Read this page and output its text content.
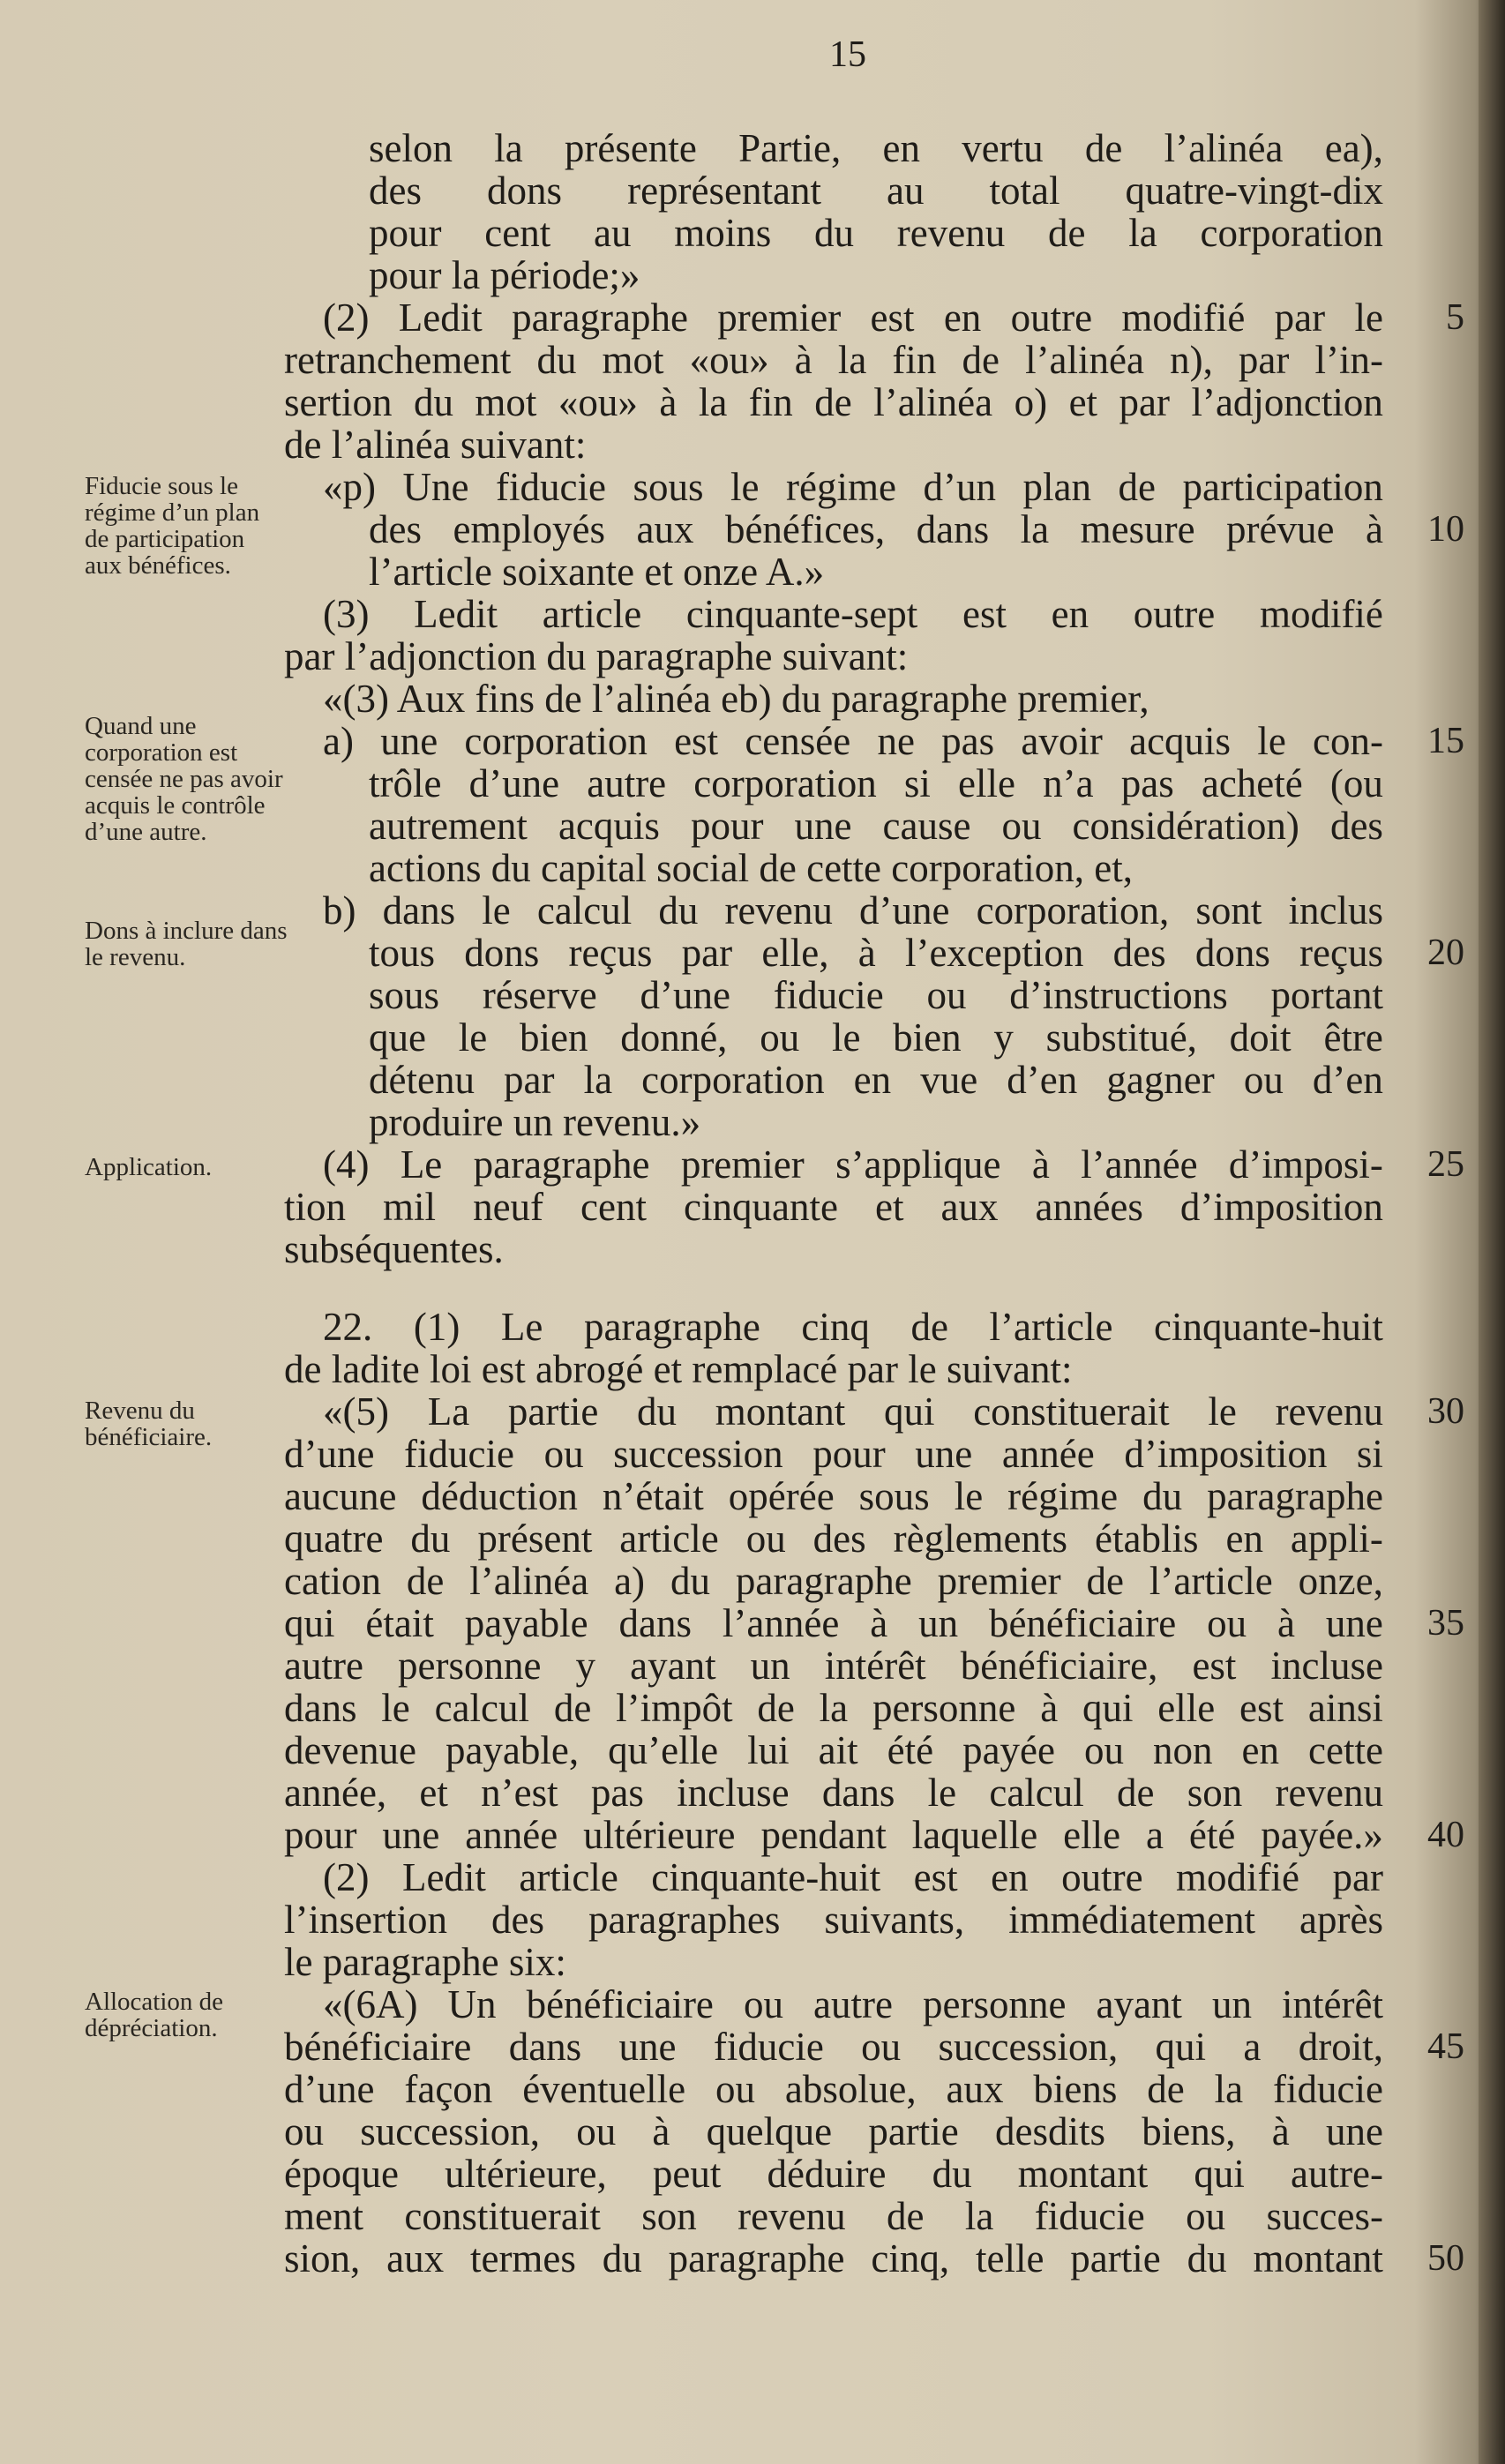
15
Fiducie sous le régime d’un plan de participation aux bénéfices.
Quand une corporation est censée ne pas avoir acquis le contrôle d’une autre.
Dons à inclure dans le revenu.
Application.
Revenu du bénéficiaire.
Allocation de dépréciation.
selon la présente Partie, en vertu de l’alinéa ea),
des dons représentant au total quatre-vingt-dix
pour cent au moins du revenu de la corporation
pour la période;»
(2) Ledit paragraphe premier est en outre modifié par le
retranchement du mot «ou» à la fin de l’alinéa n), par l’in-
sertion du mot «ou» à la fin de l’alinéa o) et par l’adjonction
de l’alinéa suivant:
«p) Une fiducie sous le régime d’un plan de participation
des employés aux bénéfices, dans la mesure prévue à
l’article soixante et onze A.»
(3) Ledit article cinquante-sept est en outre modifié
par l’adjonction du paragraphe suivant:
«(3) Aux fins de l’alinéa eb) du paragraphe premier,
a) une corporation est censée ne pas avoir acquis le con-
trôle d’une autre corporation si elle n’a pas acheté (ou
autrement acquis pour une cause ou considération) des
actions du capital social de cette corporation, et,
b) dans le calcul du revenu d’une corporation, sont inclus
tous dons reçus par elle, à l’exception des dons reçus
sous réserve d’une fiducie ou d’instructions portant
que le bien donné, ou le bien y substitué, doit être
détenu par la corporation en vue d’en gagner ou d’en
produire un revenu.»
(4) Le paragraphe premier s’applique à l’année d’imposi-
tion mil neuf cent cinquante et aux années d’imposition
subséquentes.
22. (1) Le paragraphe cinq de l’article cinquante-huit
de ladite loi est abrogé et remplacé par le suivant:
«(5) La partie du montant qui constituerait le revenu
d’une fiducie ou succession pour une année d’imposition si
aucune déduction n’était opérée sous le régime du paragraphe
quatre du présent article ou des règlements établis en appli-
cation de l’alinéa a) du paragraphe premier de l’article onze,
qui était payable dans l’année à un bénéficiaire ou à une
autre personne y ayant un intérêt bénéficiaire, est incluse
dans le calcul de l’impôt de la personne à qui elle est ainsi
devenue payable, qu’elle lui ait été payée ou non en cette
année, et n’est pas incluse dans le calcul de son revenu
pour une année ultérieure pendant laquelle elle a été payée.»
(2) Ledit article cinquante-huit est en outre modifié par
l’insertion des paragraphes suivants, immédiatement après
le paragraphe six:
«(6A) Un bénéficiaire ou autre personne ayant un intérêt
bénéficiaire dans une fiducie ou succession, qui a droit,
d’une façon éventuelle ou absolue, aux biens de la fiducie
ou succession, ou à quelque partie desdits biens, à une
époque ultérieure, peut déduire du montant qui autre-
ment constituerait son revenu de la fiducie ou succes-
sion, aux termes du paragraphe cinq, telle partie du montant
5
10
15
20
25
30
35
40
45
50
